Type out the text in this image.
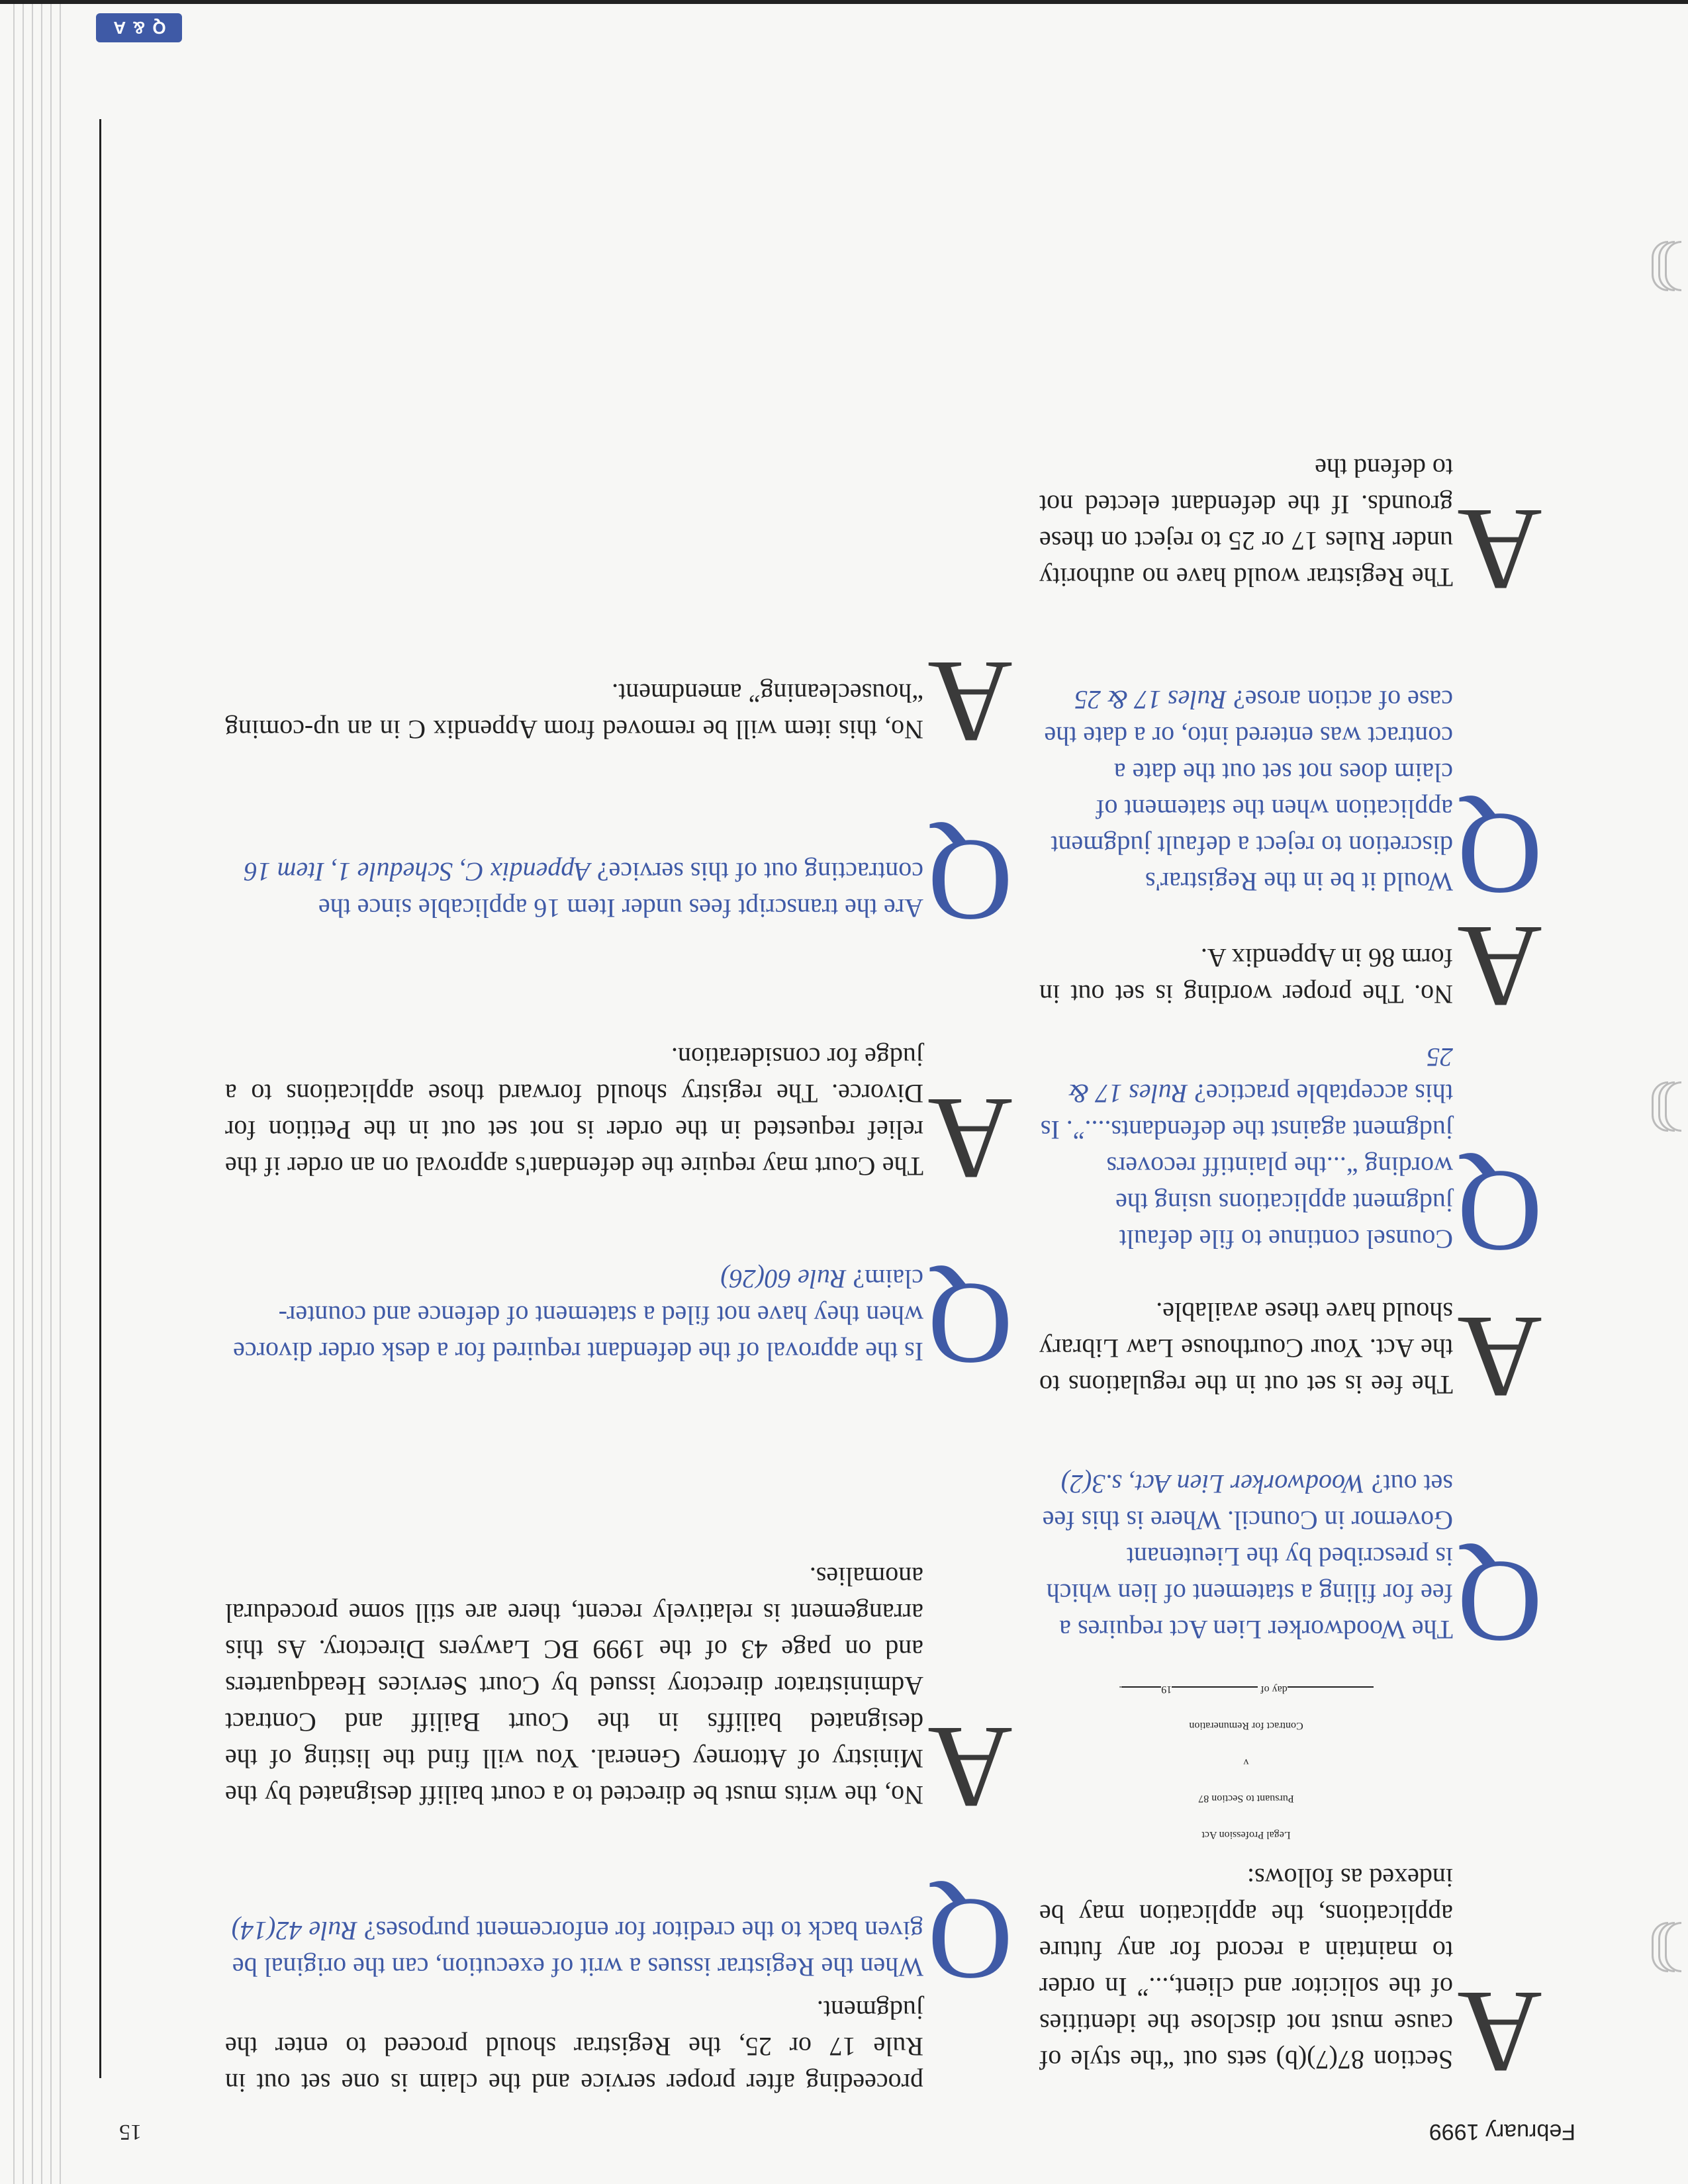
February 1999
15
Q & A
proceeding after proper service and the claim is one set out in Rule 17 or 25, the Registrar should proceed to enter the judgment.
Q
When the Registrar issues a writ of execution, can the original be given back to the creditor for enforcement purposes? Rule 42(14)
A
No, the writs must be directed to a court bailiff designated by the Ministry of Attorney General. You will find the listing of the designated bailiffs in the Court Bailiff and Contract Administrator directory issued by Court Services Headquarters and on page 43 of the 1999 BC Lawyers Directory. As this arrangement is relatively recent, there are still some procedural anomalies.
Q
Is the approval of the defendant required for a desk order divorce when they have not filed a statement of defence and counter-claim? Rule 60(26)
A
The Court may require the defendant's approval on an order if the relief requested in the order is not set out in the Petition for Divorce. The registry should forward those applications to a judge for consideration.
Q
Are the transcript fees under Item 16 applicable since the contracting out of this service? Appendix C, Schedule 1, Item 16
A
No, this item will be removed from Appendix C in an up-coming “housecleaning” amendment.
A
Section 87(7)(b) sets out “the style of cause must not disclose the identities of the solicitor and client,...” In order to maintain a record for any future applications, the application may be indexed as follows:
Legal Profession Act
Pursuant to Section 87
v
Contract for Remuneration
day of 19.
Q
The Woodworker Lien Act requires a fee for filing a statement of lien which is prescribed by the Lieutenant Governor in Council. Where is this fee set out? Woodworker Lien Act, s.3(2)
A
The fee is set out in the regulations to the Act. Your Courthouse Law Library should have these available.
Q
Counsel continue to file default judgment applications using the wording “...the plaintiff recovers judgment against the defendants....”. Is this acceptable practice? Rules 17 & 25
A
No. The proper wording is set out in form 86 in Appendix A.
Q
Would it be in the Registrar's discretion to reject a default judgment application when the statement of claim does not set out the date a contract was entered into, or a date the case of action arose? Rules 17 & 25
A
The Registrar would have no authority under Rules 17 or 25 to reject on these grounds. If the defendant elected not to defend the
